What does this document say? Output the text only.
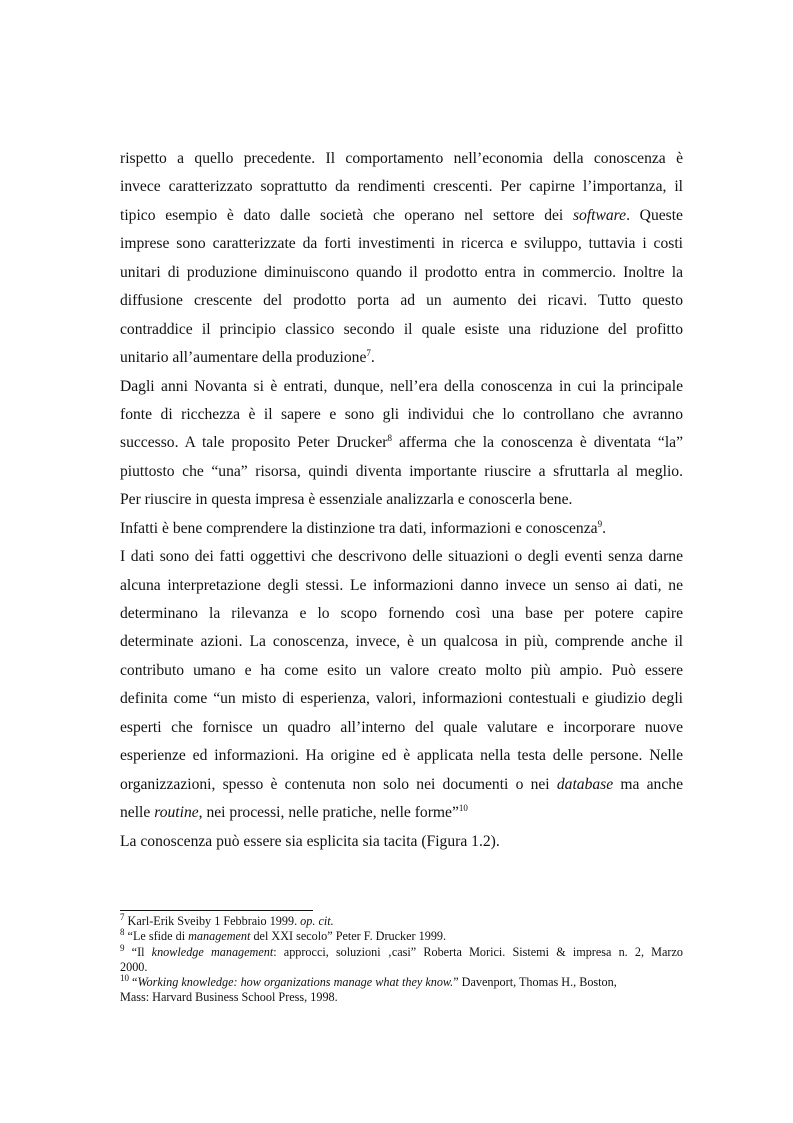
rispetto a quello precedente. Il comportamento nell’economia della conoscenza è
invece caratterizzato soprattutto da rendimenti crescenti. Per capirne l’importanza, il
tipico esempio è dato dalle società che operano nel settore dei software. Queste
imprese sono caratterizzate da forti investimenti in ricerca e sviluppo, tuttavia i costi
unitari di produzione diminuiscono quando il prodotto entra in commercio. Inoltre la
diffusione crescente del prodotto porta ad un aumento dei ricavi. Tutto questo
contraddice il principio classico secondo il quale esiste una riduzione del profitto
unitario all’aumentare della produzione$^7$.
Dagli anni Novanta si è entrati, dunque, nell’era della conoscenza in cui la principale
fonte di ricchezza è il sapere e sono gli individui che lo controllano che avranno
successo. A tale proposito Peter Drucker$^8$ afferma che la conoscenza è diventata “la”
piuttosto che “una” risorsa, quindi diventa importante riuscire a sfruttarla al meglio.
Per riuscire in questa impresa è essenziale analizzarla e conoscerla bene.
Infatti è bene comprendere la distinzione tra dati, informazioni e conoscenza$^9$.
I dati sono dei fatti oggettivi che descrivono delle situazioni o degli eventi senza darne
alcuna interpretazione degli stessi. Le informazioni danno invece un senso ai dati, ne
determinano la rilevanza e lo scopo fornendo così una base per potere capire
determinate azioni. La conoscenza, invece, è un qualcosa in più, comprende anche il
contributo umano e ha come esito un valore creato molto più ampio. Può essere
definita come “un misto di esperienza, valori, informazioni contestuali e giudizio degli
esperti che fornisce un quadro all’interno del quale valutare e incorporare nuove
esperienze ed informazioni. Ha origine ed è applicata nella testa delle persone. Nelle
organizzazioni, spesso è contenuta non solo nei documenti o nei database ma anche
nelle routine, nei processi, nelle pratiche, nelle forme”$^{10}$
La conoscenza può essere sia esplicita sia tacita (Figura 1.2).
$^7$ Karl-Erik Sveiby 1 Febbraio 1999. op. cit.
$^8$ “Le sfide di management del XXI secolo” Peter F. Drucker 1999.
$^9$ “Il knowledge management: approcci, soluzioni ‚casi” Roberta Morici. Sistemi & impresa n. 2, Marzo
2000.
$^{10}$ “Working knowledge: how organizations manage what they know.” Davenport, Thomas H., Boston,
Mass: Harvard Business School Press, 1998.
